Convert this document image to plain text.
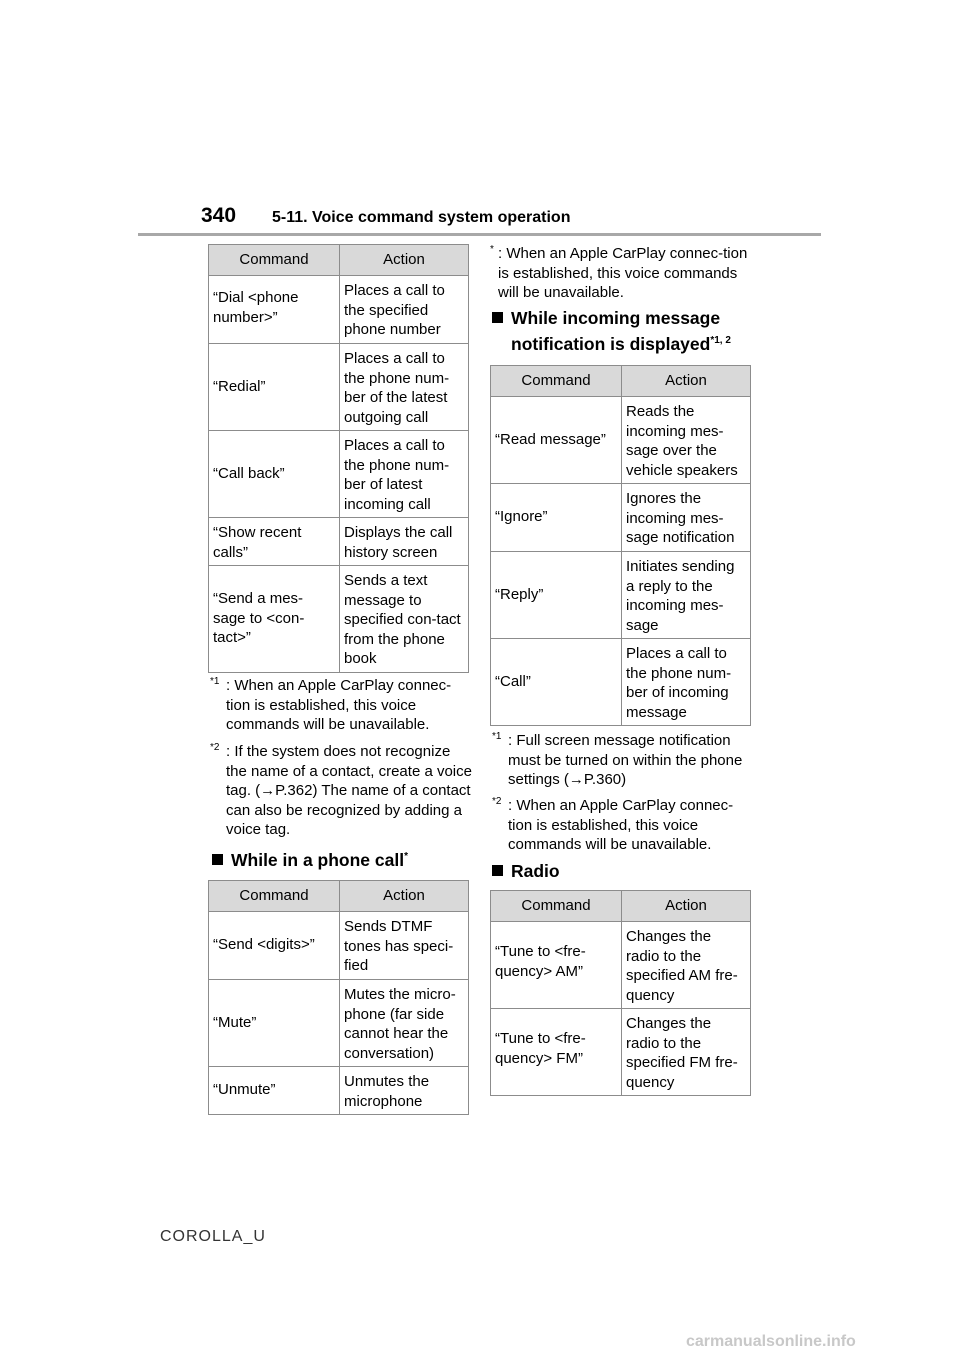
340 5-11. Voice command system operation
Command	Action
“Dial <phone number>”	Places a call to the specified phone number
“Redial”	Places a call to the phone num-ber of the latest outgoing call
“Call back”	Places a call to the phone num-ber of latest incoming call
“Show recent calls”	Displays the call history screen
“Send a mes-sage to <con-tact>”	Sends a text message to specified con-tact from the phone book
$^{*1}$ : When an Apple CarPlay connec-tion is established, this voice commands will be unavailable.
$^{*2}$ : If the system does not recognize the name of a contact, create a voice tag. (→P.362) The name of a contact can also be recognized by adding a voice tag.
While in a phone call*
Command	Action
“Send <digits>”	Sends DTMF tones has speci-fied
“Mute”	Mutes the micro-phone (far side cannot hear the conversation)
“Unmute”	Unmutes the microphone
* : When an Apple CarPlay connec-tion is established, this voice commands will be unavailable.
While incoming message
notification is displayed$^{*1, 2}$
Command	Action
“Read message”	Reads the incoming mes-sage over the vehicle speakers
“Ignore”	Ignores the incoming mes-sage notification
“Reply”	Initiates sending a reply to the incoming mes-sage
“Call”	Places a call to the phone num-ber of incoming message
$^{*1}$ : Full screen message notification must be turned on within the phone settings (→P.360)
$^{*2}$ : When an Apple CarPlay connec-tion is established, this voice commands will be unavailable.
Radio
Command	Action
“Tune to <fre-quency> AM”	Changes the radio to the specified AM fre-quency
“Tune to <fre-quency> FM”	Changes the radio to the specified FM fre-quency
COROLLA_U
carmanualsonline.info
